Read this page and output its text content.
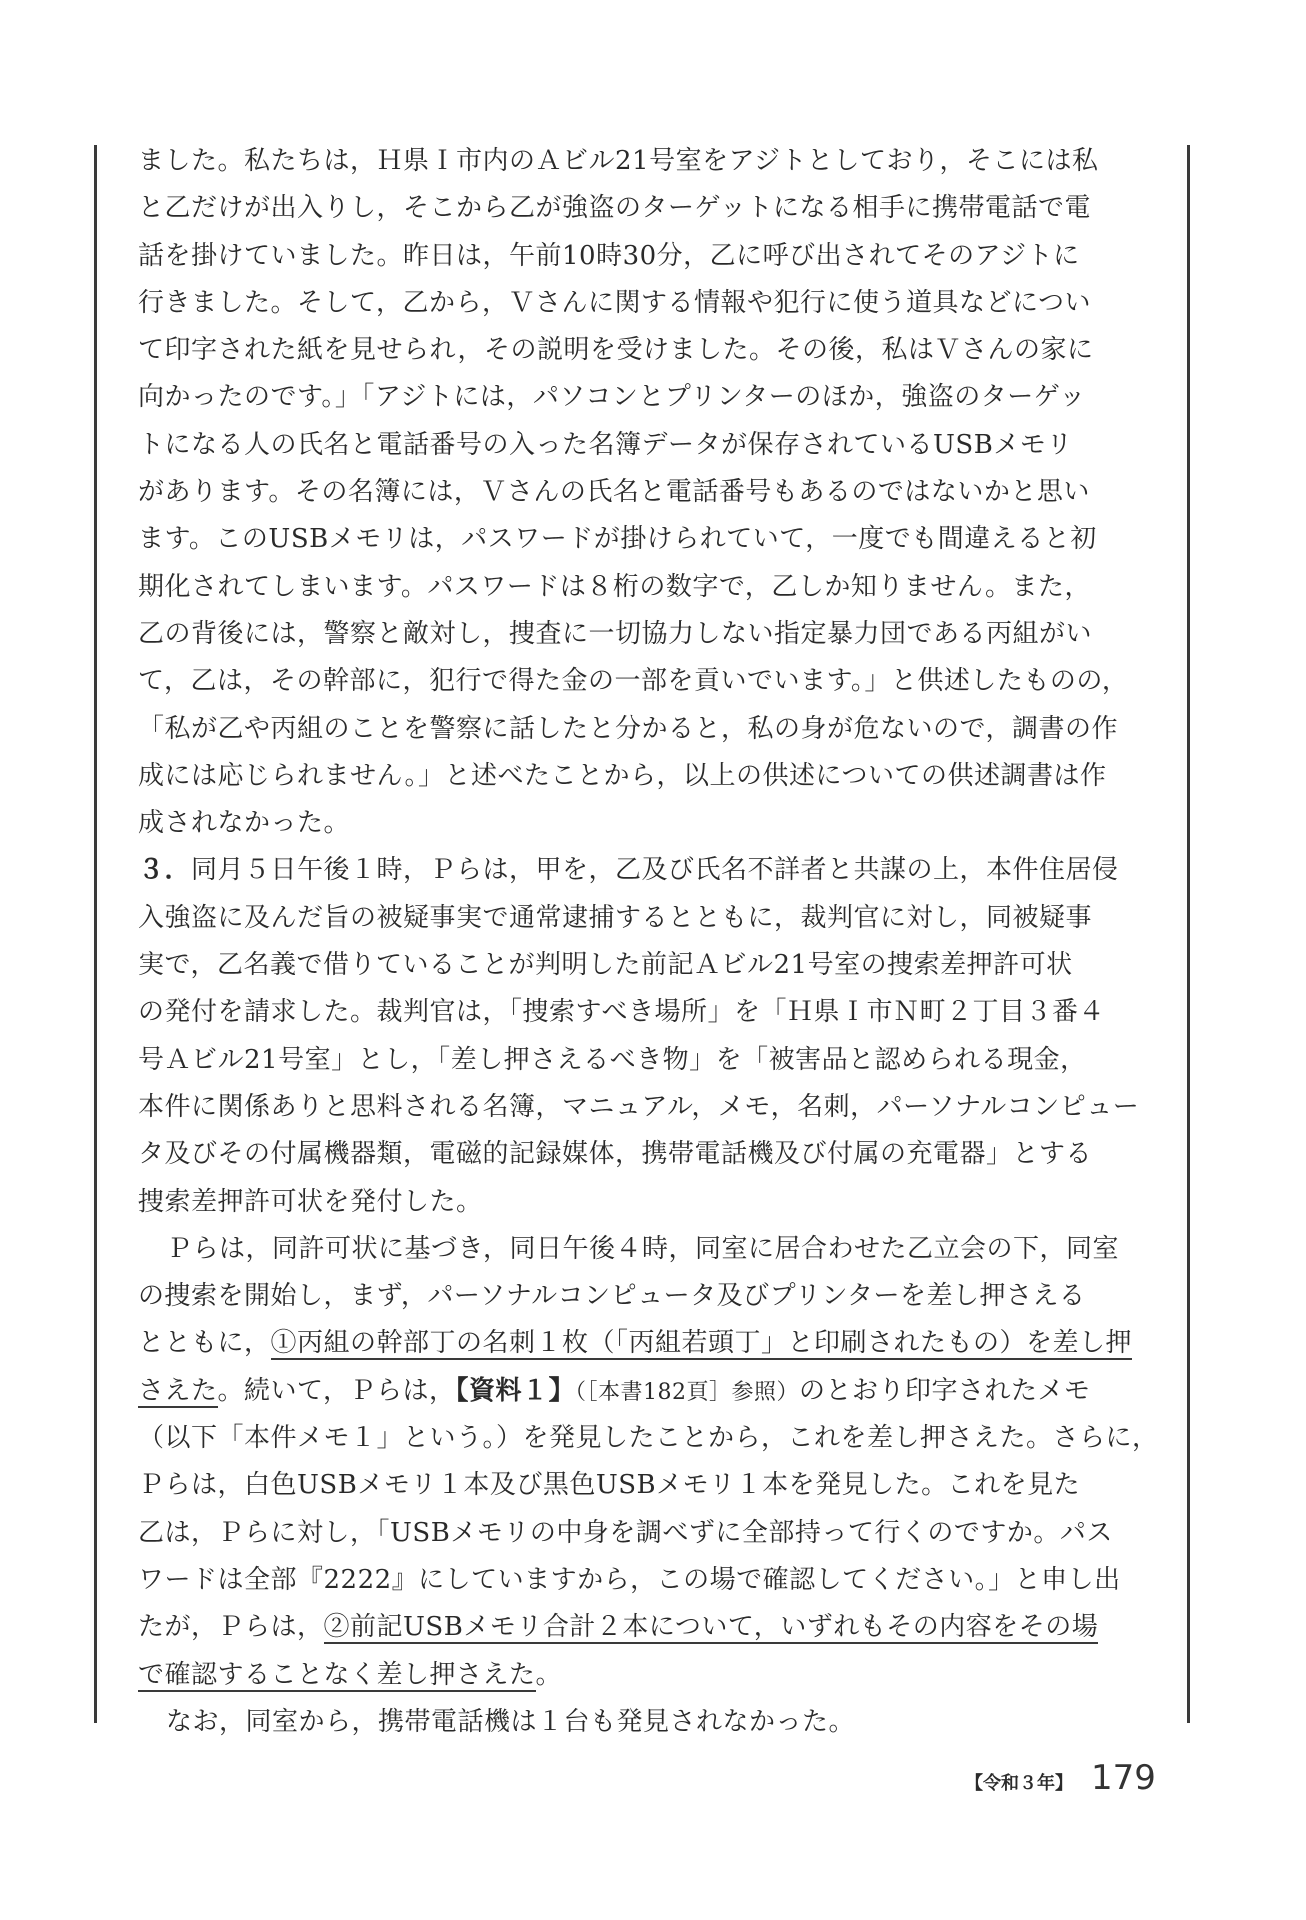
ました。私たちは，Ｈ県Ｉ市内のＡビル21号室をアジトとしており，そこには私
と乙だけが出入りし，そこから乙が強盗のターゲットになる相手に携帯電話で電
話を掛けていました。昨日は，午前10時30分，乙に呼び出されてそのアジトに
行きました。そして，乙から，Ｖさんに関する情報や犯行に使う道具などについ
て印字された紙を見せられ，その説明を受けました。その後，私はＶさんの家に
向かったのです。」「アジトには，パソコンとプリンターのほか，強盗のターゲッ
トになる人の氏名と電話番号の入った名簿データが保存されているUSBメモリ
があります。その名簿には，Ｖさんの氏名と電話番号もあるのではないかと思い
ます。このUSBメモリは，パスワードが掛けられていて，一度でも間違えると初
期化されてしまいます。パスワードは８桁の数字で，乙しか知りません。また，
乙の背後には，警察と敵対し，捜査に一切協力しない指定暴力団である丙組がい
て，乙は，その幹部に，犯行で得た金の一部を貢いでいます。」と供述したものの，
「私が乙や丙組のことを警察に話したと分かると，私の身が危ないので，調書の作
成には応じられません。」と述べたことから，以上の供述についての供述調書は作
成されなかった。
３．同月５日午後１時，Ｐらは，甲を，乙及び氏名不詳者と共謀の上，本件住居侵
入強盗に及んだ旨の被疑事実で通常逮捕するとともに，裁判官に対し，同被疑事
実で，乙名義で借りていることが判明した前記Ａビル21号室の捜索差押許可状
の発付を請求した。裁判官は，「捜索すべき場所」を「Ｈ県Ｉ市Ｎ町２丁目３番４
号Ａビル21号室」とし，「差し押さえるべき物」を「被害品と認められる現金，
本件に関係ありと思料される名簿，マニュアル，メモ，名刺，パーソナルコンピュー
タ及びその付属機器類，電磁的記録媒体，携帯電話機及び付属の充電器」とする
捜索差押許可状を発付した。
Ｐらは，同許可状に基づき，同日午後４時，同室に居合わせた乙立会の下，同室
の捜索を開始し，まず，パーソナルコンピュータ及びプリンターを差し押さえる
とともに，①丙組の幹部丁の名刺１枚（「丙組若頭丁」と印刷されたもの）を差し押
さえた。続いて，Ｐらは，【資料１】（［本書182頁］参照）のとおり印字されたメモ
（以下「本件メモ１」という。）を発見したことから，これを差し押さえた。さらに，
Ｐらは，白色USBメモリ１本及び黒色USBメモリ１本を発見した。これを見た
乙は，Ｐらに対し，「USBメモリの中身を調べずに全部持って行くのですか。パス
ワードは全部『2222』にしていますから，この場で確認してください。」と申し出
たが，Ｐらは，②前記USBメモリ合計２本について，いずれもその内容をその場
で確認することなく差し押さえた。
なお，同室から，携帯電話機は１台も発見されなかった。
【令和３年】 179
